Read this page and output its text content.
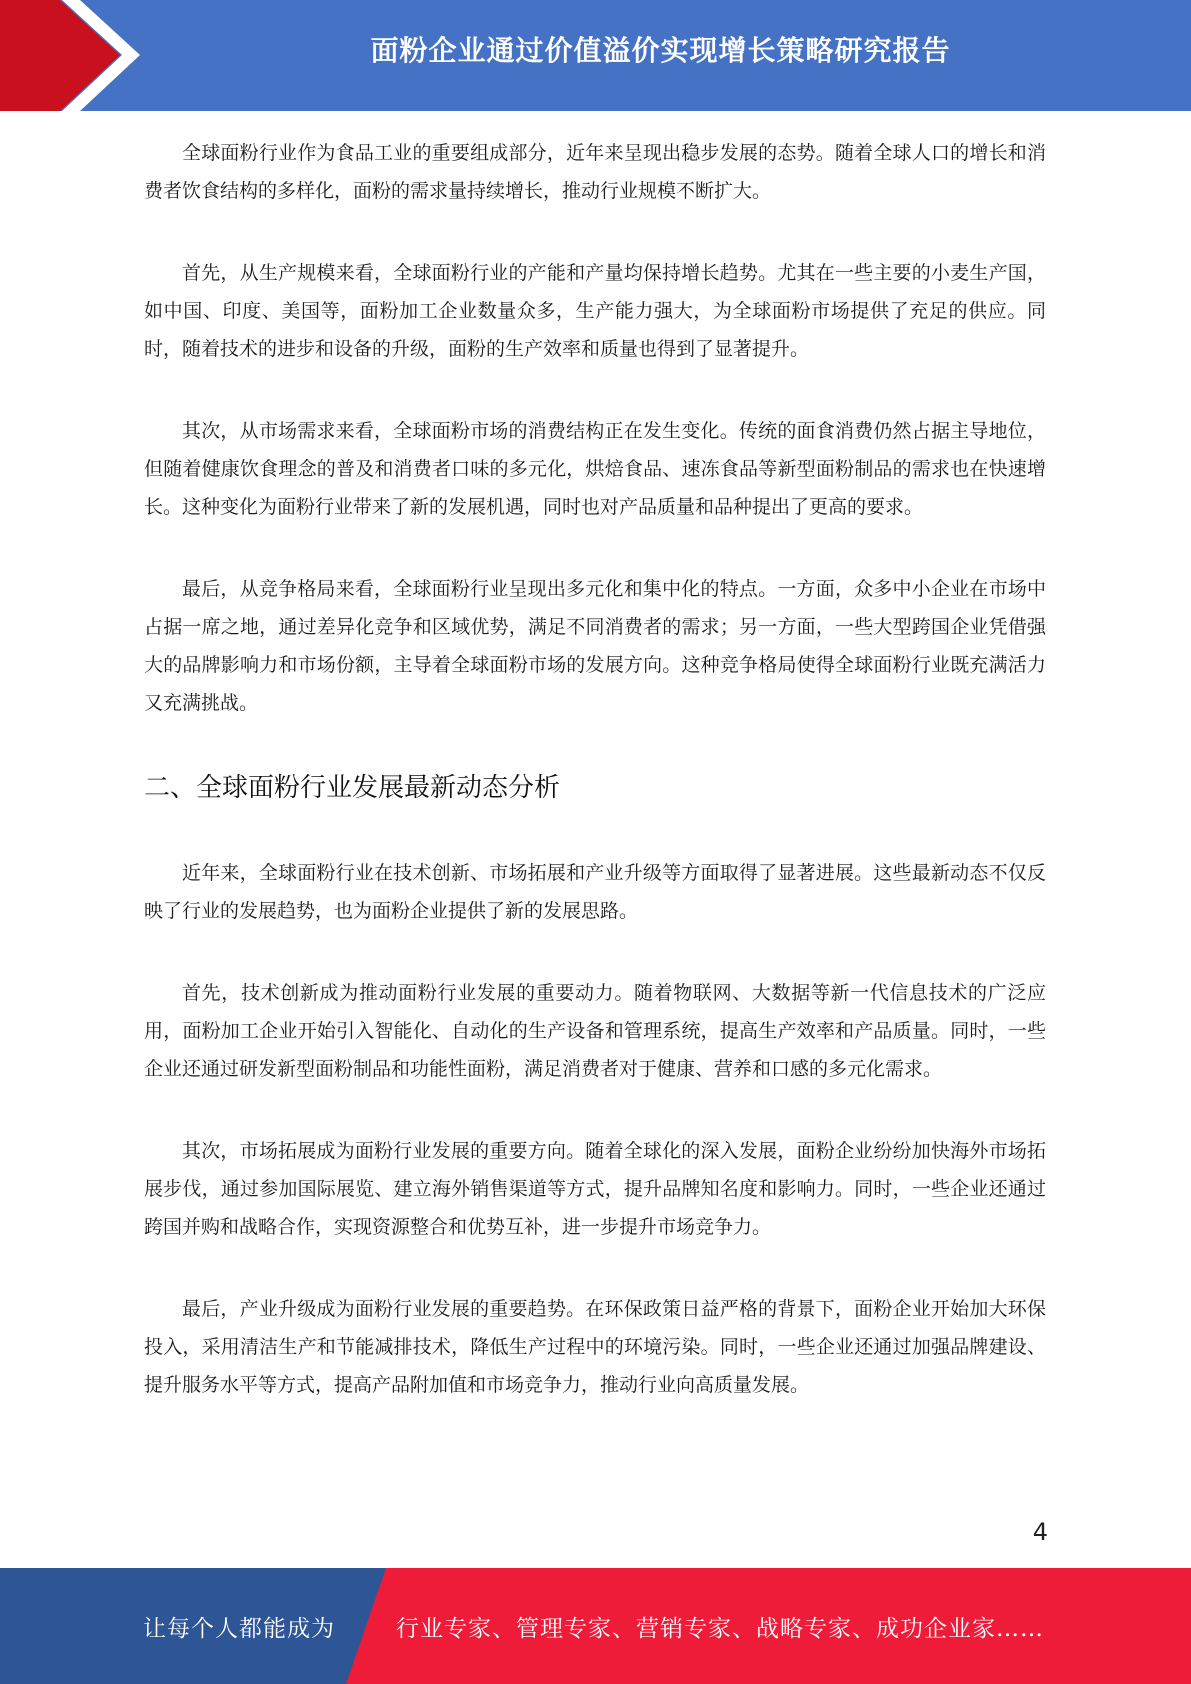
面粉企业通过价值溢价实现增长策略研究报告

全球面粉行业作为食品工业的重要组成部分，近年来呈现出稳步发展的态势。随着全球人口的增长和消费者饮食结构的多样化，面粉的需求量持续增长，推动行业规模不断扩大。

首先，从生产规模来看，全球面粉行业的产能和产量均保持增长趋势。尤其在一些主要的小麦生产国，如中国、印度、美国等，面粉加工企业数量众多，生产能力强大，为全球面粉市场提供了充足的供应。同时，随着技术的进步和设备的升级，面粉的生产效率和质量也得到了显著提升。

其次，从市场需求来看，全球面粉市场的消费结构正在发生变化。传统的面食消费仍然占据主导地位，但随着健康饮食理念的普及和消费者口味的多元化，烘焙食品、速冻食品等新型面粉制品的需求也在快速增长。这种变化为面粉行业带来了新的发展机遇，同时也对产品质量和品种提出了更高的要求。

最后，从竞争格局来看，全球面粉行业呈现出多元化和集中化的特点。一方面，众多中小企业在市场中占据一席之地，通过差异化竞争和区域优势，满足不同消费者的需求；另一方面，一些大型跨国企业凭借强大的品牌影响力和市场份额，主导着全球面粉市场的发展方向。这种竞争格局使得全球面粉行业既充满活力又充满挑战。

二、全球面粉行业发展最新动态分析

近年来，全球面粉行业在技术创新、市场拓展和产业升级等方面取得了显著进展。这些最新动态不仅反映了行业的发展趋势，也为面粉企业提供了新的发展思路。

首先，技术创新成为推动面粉行业发展的重要动力。随着物联网、大数据等新一代信息技术的广泛应用，面粉加工企业开始引入智能化、自动化的生产设备和管理系统，提高生产效率和产品质量。同时，一些企业还通过研发新型面粉制品和功能性面粉，满足消费者对于健康、营养和口感的多元化需求。

其次，市场拓展成为面粉行业发展的重要方向。随着全球化的深入发展，面粉企业纷纷加快海外市场拓展步伐，通过参加国际展览、建立海外销售渠道等方式，提升品牌知名度和影响力。同时，一些企业还通过跨国并购和战略合作，实现资源整合和优势互补，进一步提升市场竞争力。

最后，产业升级成为面粉行业发展的重要趋势。在环保政策日益严格的背景下，面粉企业开始加大环保投入，采用清洁生产和节能减排技术，降低生产过程中的环境污染。同时，一些企业还通过加强品牌建设、提升服务水平等方式，提高产品附加值和市场竞争力，推动行业向高质量发展。

4
让每个人都能成为	行业专家、管理专家、营销专家、战略专家、成功企业家……
